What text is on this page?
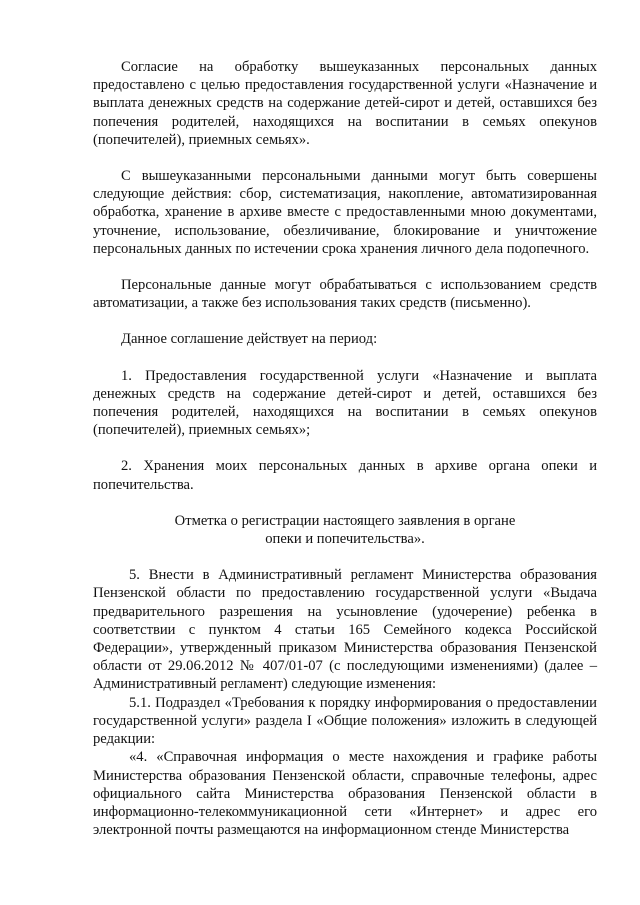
Согласие на обработку вышеуказанных персональных данных предоставлено с целью предоставления государственной услуги «Назначение и выплата денежных средств на содержание детей-сирот и детей, оставшихся без попечения родителей, находящихся на воспитании в семьях опекунов (попечителей), приемных семьях».

С вышеуказанными персональными данными могут быть совершены следующие действия: сбор, систематизация, накопление, автоматизированная обработка, хранение в архиве вместе с предоставленными мною документами, уточнение, использование, обезличивание, блокирование и уничтожение персональных данных по истечении срока хранения личного дела подопечного.

Персональные данные могут обрабатываться с использованием средств автоматизации, а также без использования таких средств (письменно).

Данное соглашение действует на период:

1. Предоставления государственной услуги «Назначение и выплата денежных средств на содержание детей-сирот и детей, оставшихся без попечения родителей, находящихся на воспитании в семьях опекунов (попечителей), приемных семьях»;

2. Хранения моих персональных данных в архиве органа опеки и попечительства.

Отметка о регистрации настоящего заявления в органе

опеки и попечительства».

5. Внести в Административный регламент Министерства образования Пензенской области по предоставлению государственной услуги «Выдача предварительного разрешения на усыновление (удочерение) ребенка в соответствии с пунктом 4 статьи 165 Семейного кодекса Российской Федерации», утвержденный приказом Министерства образования Пензенской области от 29.06.2012 № 407/01-07 (с последующими изменениями) (далее – Административный регламент) следующие изменения:

5.1. Подраздел «Требования к порядку информирования о предоставлении государственной услуги» раздела I «Общие положения» изложить в следующей редакции:

«4. «Справочная информация о месте нахождения и графике работы Министерства образования Пензенской области, справочные телефоны, адрес официального сайта Министерства образования Пензенской области в информационно-телекоммуникационной сети «Интернет» и адрес его электронной почты размещаются на информационном стенде Министерства
